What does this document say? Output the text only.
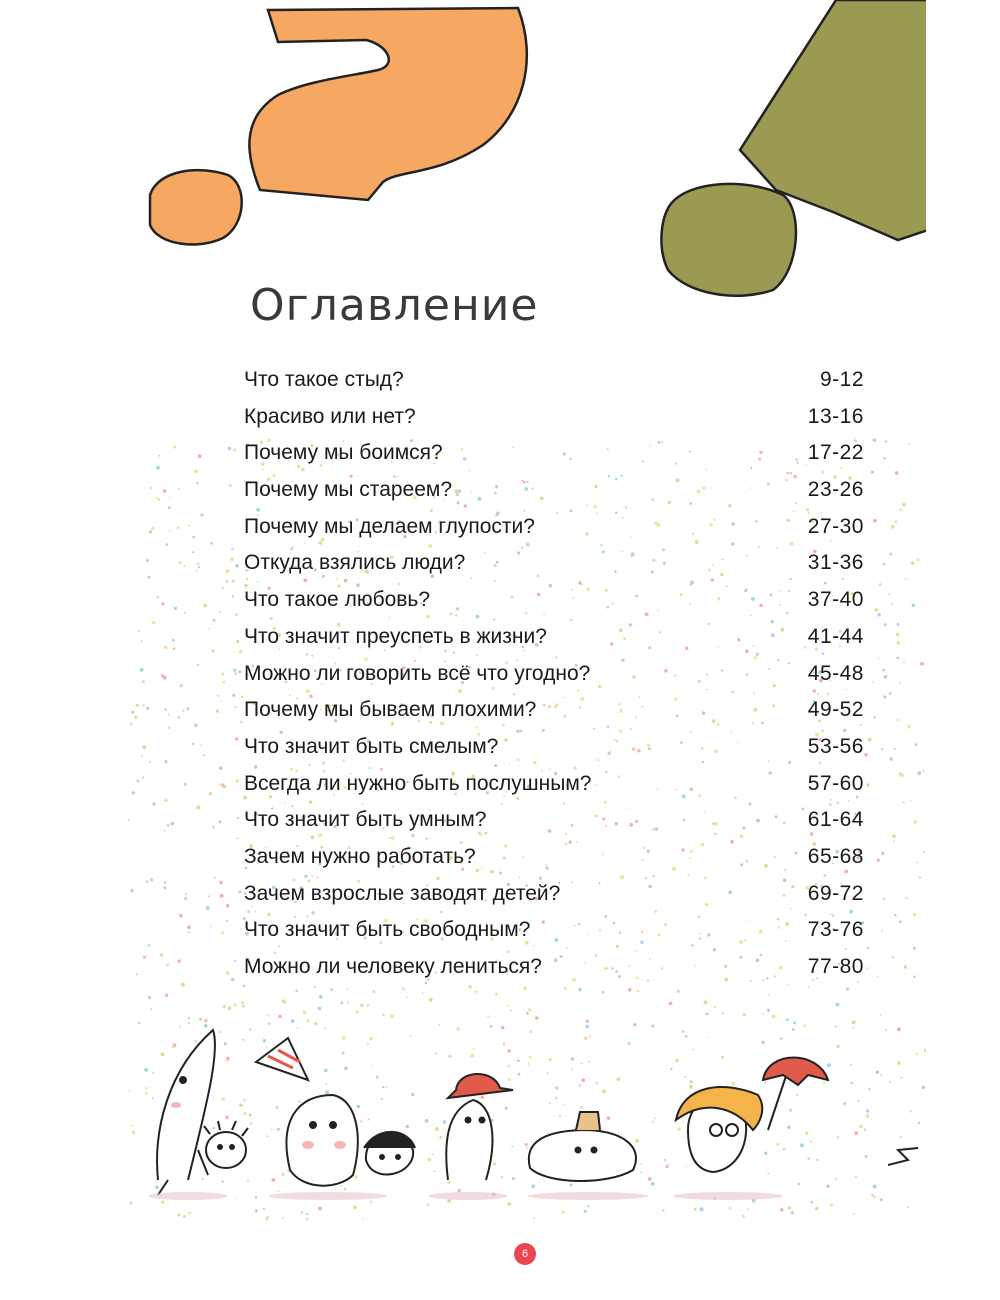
Оглавление
Что такое стыд?	9-12
Красиво или нет?	13-16
Почему мы боимся?	17-22
Почему мы стареем?	23-26
Почему мы делаем глупости?	27-30
Откуда взялись люди?	31-36
Что такое любовь?	37-40
Что значит преуспеть в жизни?	41-44
Можно ли говорить всё что угодно?	45-48
Почему мы бываем плохими?	49-52
Что значит быть смелым?	53-56
Всегда ли нужно быть послушным?	57-60
Что значит быть умным?	61-64
Зачем нужно работать?	65-68
Зачем взрослые заводят детей?	69-72
Что значит быть свободным?	73-76
Можно ли человеку лениться?	77-80
6
